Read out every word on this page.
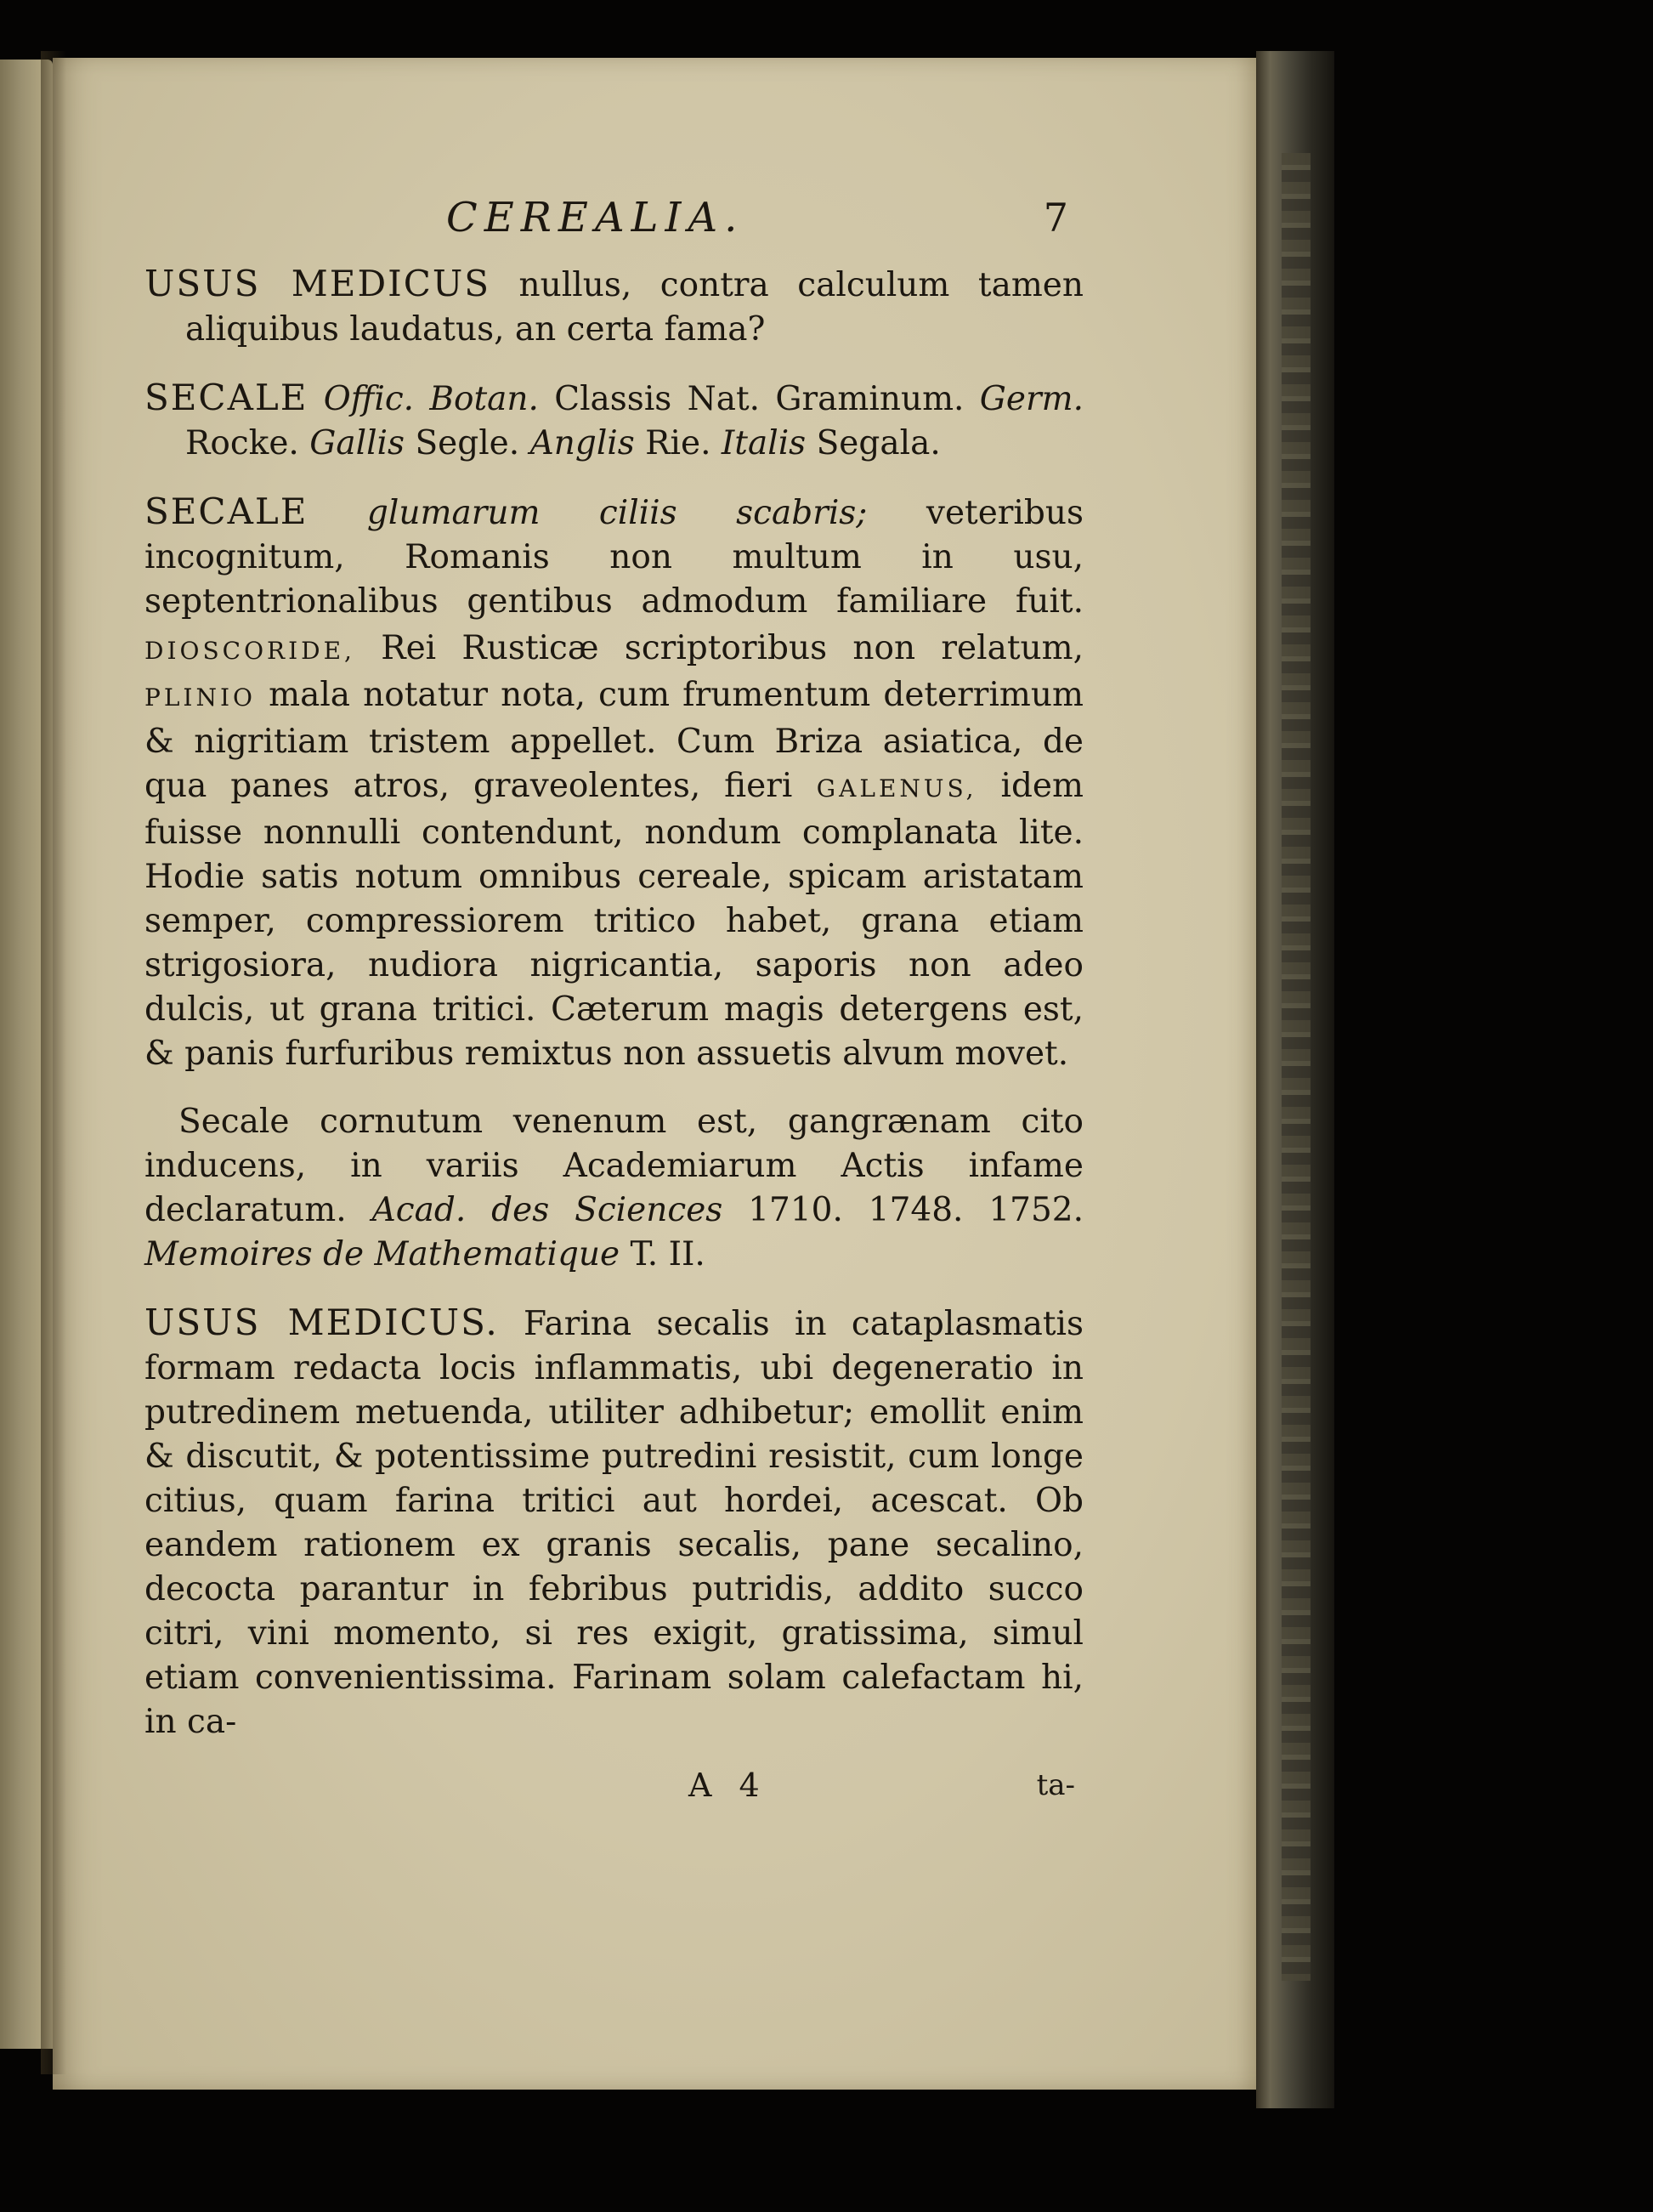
CEREALIA.	7

USUS MEDICUS nullus, contra calculum tamen aliquibus laudatus, an certa fama?

SECALE Offic. Botan. Classis Nat. Graminum. Germ. Rocke. Gallis Segle. Anglis Rie. Italis Segala.

SECALE glumarum ciliis scabris; veteribus incognitum, Romanis non multum in usu, septentrionalibus gentibus admodum familiare fuit. DIOSCORIDE, Rei Rusticæ scriptoribus non relatum, PLINIO mala notatur nota, cum frumentum deterrimum & nigritiam tristem appellet. Cum Briza asiatica, de qua panes atros, graveolentes, fieri GALENUS, idem fuisse nonnulli contendunt, nondum complanata lite. Hodie satis notum omnibus cereale, spicam aristatam semper, compressiorem tritico habet, grana etiam strigosiora, nudiora nigricantia, saporis non adeo dulcis, ut grana tritici. Cæterum magis detergens est, & panis furfuribus remixtus non assuetis alvum movet.

Secale cornutum venenum est, gangrænam cito inducens, in variis Academiarum Actis infame declaratum. Acad. des Sciences 1710. 1748. 1752. Memoires de Mathematique T. II.

USUS MEDICUS. Farina secalis in cataplasmatis formam redacta locis inflammatis, ubi degeneratio in putredinem metuenda, utiliter adhibetur; emollit enim & discutit, & potentissime putredini resistit, cum longe citius, quam farina tritici aut hordei, acescat. Ob eandem rationem ex granis secalis, pane secalino, decocta parantur in febribus putridis, addito succo citri, vini momento, si res exigit, gratissima, simul etiam convenientissima. Farinam solam calefactam hi, in ca-

A 4	ta-
